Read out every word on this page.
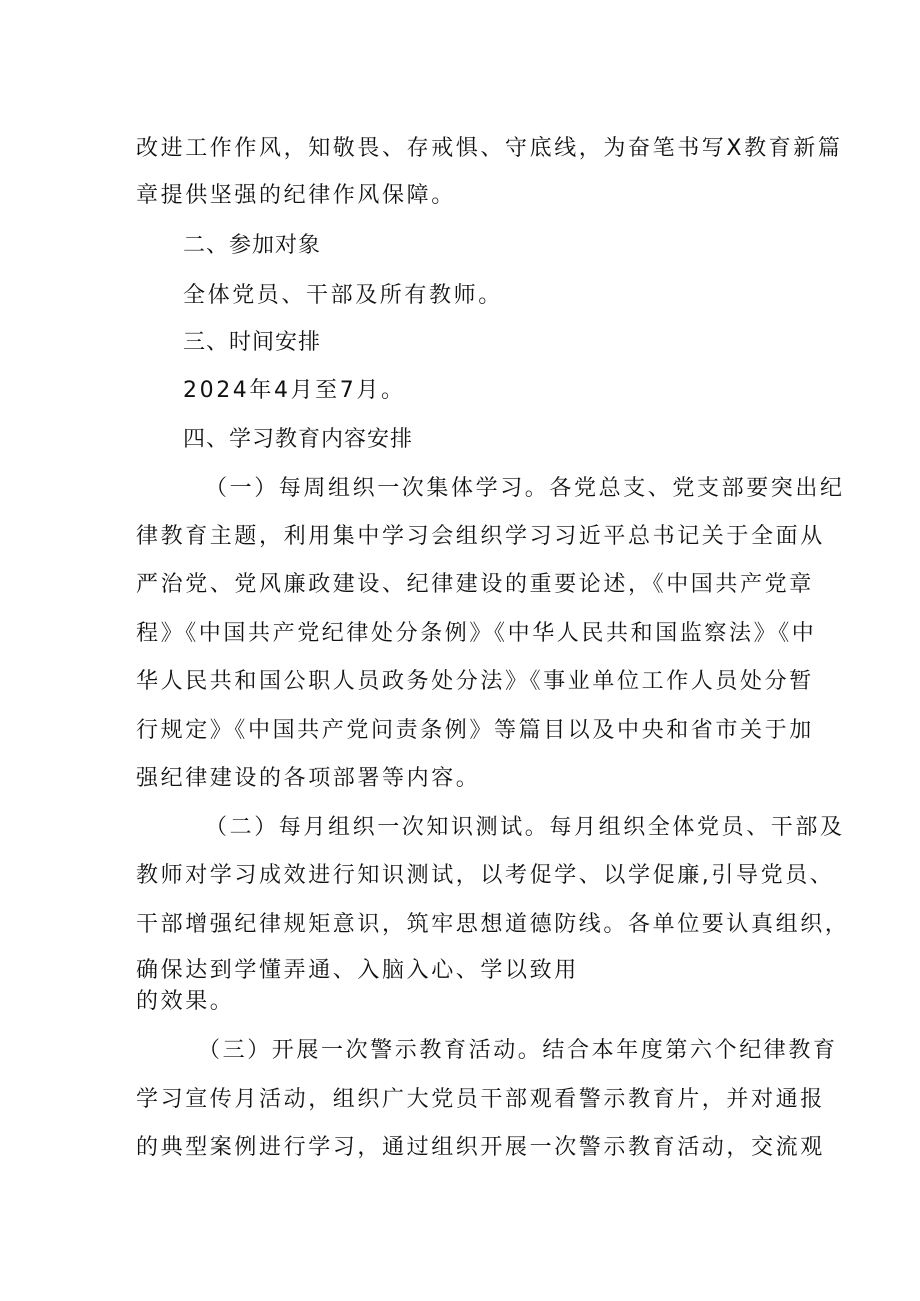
改进工作作风，知敬畏、存戒惧、守底线，为奋笔书写X教育新篇
章提供坚强的纪律作风保障。
二、参加对象
全体党员、干部及所有教师。
三、时间安排
2024年4月至7月。
四、学习教育内容安排
（一）每周组织一次集体学习。各党总支、党支部要突出纪
律教育主题，利用集中学习会组织学习习近平总书记关于全面从
严治党、党风廉政建设、纪律建设的重要论述，《中国共产党章
程》《中国共产党纪律处分条例》《中华人民共和国监察法》《中
华人民共和国公职人员政务处分法》《事业单位工作人员处分暂
行规定》《中国共产党问责条例》等篇目以及中央和省市关于加
强纪律建设的各项部署等内容。
（二）每月组织一次知识测试。每月组织全体党员、干部及
教师对学习成效进行知识测试，以考促学、以学促廉,引导党员、
干部增强纪律规矩意识，筑牢思想道德防线。各单位要认真组织，
确保达到学懂弄通、入脑入心、学以致用
的效果。
（三）开展一次警示教育活动。结合本年度第六个纪律教育
学习宣传月活动，组织广大党员干部观看警示教育片，并对通报
的典型案例进行学习，通过组织开展一次警示教育活动，交流观
